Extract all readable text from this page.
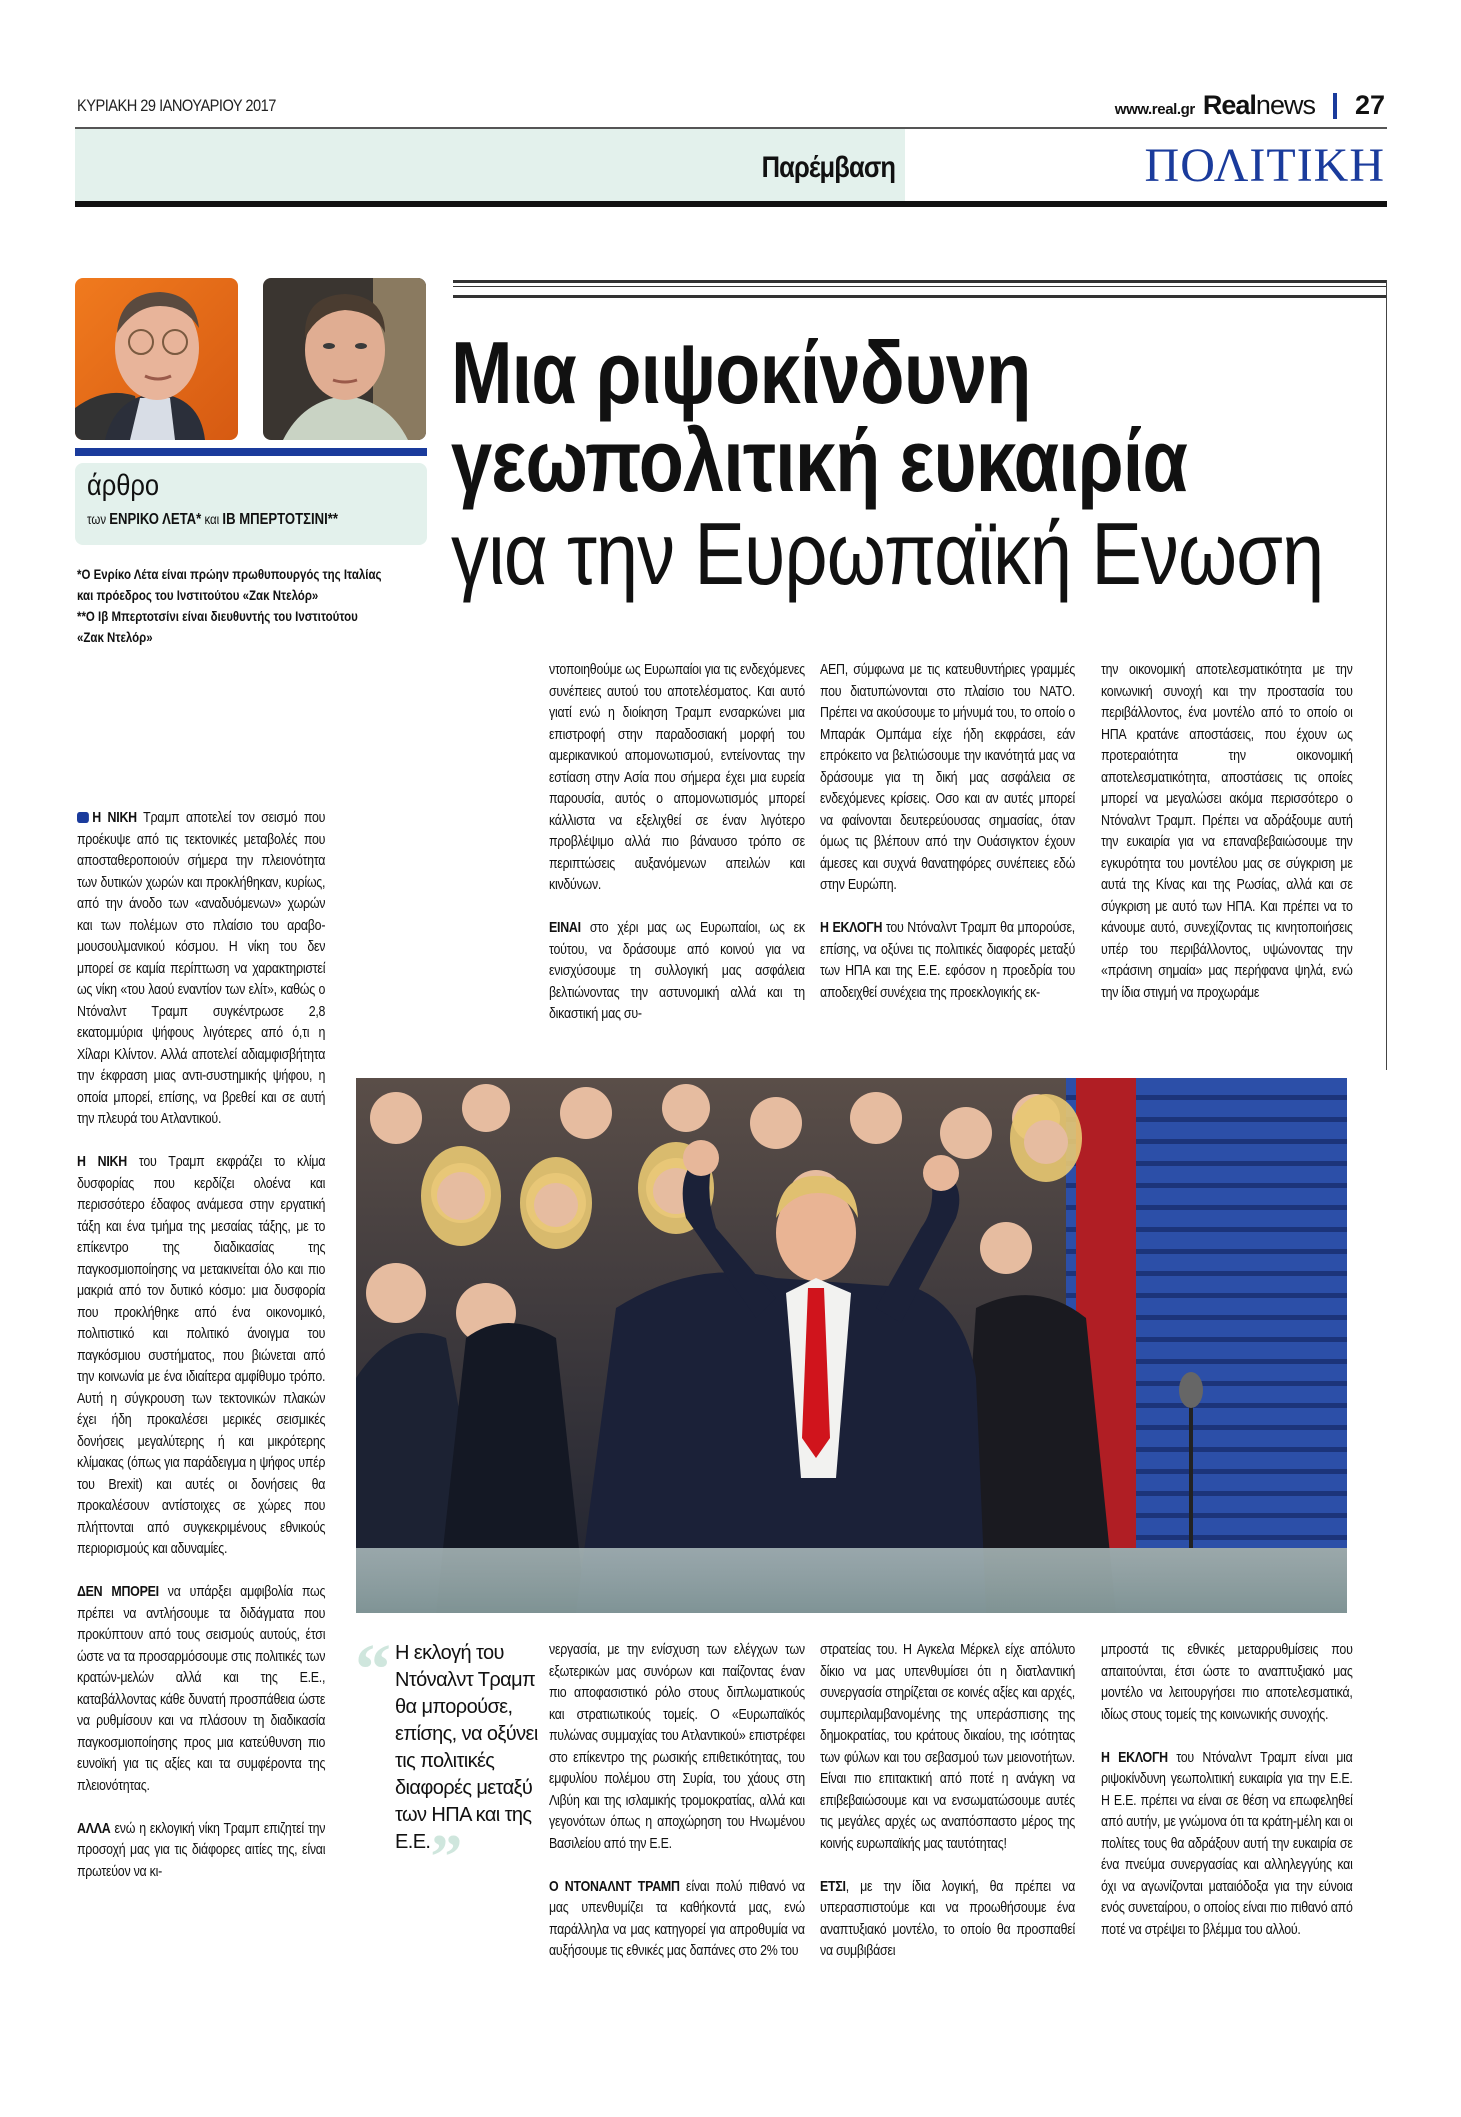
ΚΥΡΙΑΚΗ 29 ΙΑΝΟΥΑΡΙΟΥ 2017	www.real.gr Real news 27
Παρέμβαση	ΠΟΛΙΤΙΚΗ
άρθρο
των ΕΝΡΙΚΟ ΛΕΤΑ* και ΙΒ ΜΠΕΡΤΟΤΣΙΝΙ**
*Ο Ενρίκο Λέτα είναι πρώην πρωθυπουργός της Ιταλίας
και πρόεδρος του Ινστιτούτου «Ζακ Ντελόρ»
**Ο Ιβ Μπερτοτσίνι είναι διευθυντής του Ινστιτούτου
«Ζακ Ντελόρ»
Μια ριψοκίνδυνη
γεωπολιτική ευκαιρία
για την Ευρωπαϊκή Ενωση

Η ΝΙΚΗ Τραμπ αποτελεί τον σεισμό που προέκυψε από τις τεκτονικές μεταβολές που αποσταθεροποιούν σήμερα την πλειονότητα των δυτικών χωρών και προκλήθηκαν, κυρίως, από την άνοδο των «αναδυόμενων» χωρών και των πολέμων στο πλαίσιο του αραβο-μουσουλμανικού κόσμου. Η νίκη του δεν μπορεί σε καμία περίπτωση να χαρακτηριστεί ως νίκη «του λαού εναντίον των ελίτ», καθώς ο Ντόναλντ Τραμπ συγκέντρωσε 2,8 εκατομμύρια ψήφους λιγότερες από ό,τι η Χίλαρι Κλίντον. Αλλά αποτελεί αδιαμφισβήτητα την έκφραση μιας αντι-συστημικής ψήφου, η οποία μπορεί, επίσης, να βρεθεί και σε αυτή την πλευρά του Ατλαντικού.

Η ΝΙΚΗ του Τραμπ εκφράζει το κλίμα δυσφορίας που κερδίζει ολοένα και περισσότερο έδαφος ανάμεσα στην εργατική τάξη και ένα τμήμα της μεσαίας τάξης, με το επίκεντρο της διαδικασίας της παγκοσμιοποίησης να μετακινείται όλο και πιο μακριά από τον δυτικό κόσμο: μια δυσφορία που προκλήθηκε από ένα οικονομικό, πολιτιστικό και πολιτικό άνοιγμα του παγκόσμιου συστήματος, που βιώνεται από την κοινωνία με ένα ιδιαίτερα αμφίθυμο τρόπο. Αυτή η σύγκρουση των τεκτονικών πλακών έχει ήδη προκαλέσει μερικές σεισμικές δονήσεις μεγαλύτερης ή και μικρότερης κλίμακας (όπως για παράδειγμα η ψήφος υπέρ του Brexit) και αυτές οι δονήσεις θα προκαλέσουν αντίστοιχες σε χώρες που πλήττονται από συγκεκριμένους εθνικούς περιορισμούς και αδυναμίες.

ΔΕΝ ΜΠΟΡΕΙ να υπάρξει αμφιβολία πως πρέπει να αντλήσουμε τα διδάγματα που προκύπτουν από τους σεισμούς αυτούς, έτσι ώστε να τα προσαρμόσουμε στις πολιτικές των κρατών-μελών αλλά και της Ε.Ε., καταβάλλοντας κάθε δυνατή προσπάθεια ώστε να ρυθμίσουν και να πλάσουν τη διαδικασία παγκοσμιοποίησης προς μια κατεύθυνση πιο ευνοϊκή για τις αξίες και τα συμφέροντα της πλειονότητας.

ΑΛΛΑ ενώ η εκλογική νίκη Τραμπ επιζητεί την προσοχή μας για τις διάφορες αιτίες της, είναι πρωτεύον να κι-

ντοποιηθούμε ως Ευρωπαίοι για τις ενδεχόμενες συνέπειες αυτού του αποτελέσματος. Και αυτό γιατί ενώ η διοίκηση Τραμπ ενσαρκώνει μια επιστροφή στην παραδοσιακή μορφή του αμερικανικού απομονωτισμού, εντείνοντας την εστίαση στην Ασία που σήμερα έχει μια ευρεία παρουσία, αυτός ο απομονωτισμός μπορεί κάλλιστα να εξελιχθεί σε έναν λιγότερο προβλέψιμο αλλά πιο βάναυσο τρόπο σε περιπτώσεις αυξανόμενων απειλών και κινδύνων.

ΕΙΝΑΙ στο χέρι μας ως Ευρωπαίοι, ως εκ τούτου, να δράσουμε από κοινού για να ενισχύσουμε τη συλλογική μας ασφάλεια βελτιώνοντας την αστυνομική αλλά και τη δικαστική μας συ-

ΑΕΠ, σύμφωνα με τις κατευθυντήριες γραμμές που διατυπώνονται στο πλαίσιο του ΝΑΤΟ. Πρέπει να ακούσουμε το μήνυμά του, το οποίο ο Μπαράκ Ομπάμα είχε ήδη εκφράσει, εάν επρόκειτο να βελτιώσουμε την ικανότητά μας να δράσουμε για τη δική μας ασφάλεια σε ενδεχόμενες κρίσεις. Οσο και αν αυτές μπορεί να φαίνονται δευτερεύουσας σημασίας, όταν όμως τις βλέπουν από την Ουάσιγκτον έχουν άμεσες και συχνά θανατηφόρες συνέπειες εδώ στην Ευρώπη.

Η ΕΚΛΟΓΗ του Ντόναλντ Τραμπ θα μπορούσε, επίσης, να οξύνει τις πολιτικές διαφορές μεταξύ των ΗΠΑ και της Ε.Ε. εφόσον η προεδρία του αποδειχθεί συνέχεια της προεκλογικής εκ-

την οικονομική αποτελεσματικότητα με την κοινωνική συνοχή και την προστασία του περιβάλλοντος, ένα μοντέλο από το οποίο οι ΗΠΑ κρατάνε αποστάσεις, που έχουν ως προτεραιότητα την οικονομική αποτελεσματικότητα, αποστάσεις τις οποίες μπορεί να μεγαλώσει ακόμα περισσότερο ο Ντόναλντ Τραμπ. Πρέπει να αδράξουμε αυτή την ευκαιρία για να επαναβεβαιώσουμε την εγκυρότητα του μοντέλου μας σε σύγκριση με αυτά της Κίνας και της Ρωσίας, αλλά και σε σύγκριση με αυτό των ΗΠΑ. Και πρέπει να το κάνουμε αυτό, συνεχίζοντας τις κινητοποιήσεις υπέρ του περιβάλλοντος, υψώνοντας την «πράσινη σημαία» μας περήφανα ψηλά, ενώ την ίδια στιγμή να προχωράμε

“ Η εκλογή του Ντόναλντ Τραμπ θα μπορούσε, επίσης, να οξύνει τις πολιτικές διαφορές μεταξύ των ΗΠΑ και της Ε.Ε.”

νεργασία, με την ενίσχυση των ελέγχων των εξωτερικών μας συνόρων και παίζοντας έναν πιο αποφασιστικό ρόλο στους διπλωματικούς και στρατιωτικούς τομείς. Ο «Ευρωπαϊκός πυλώνας συμμαχίας του Ατλαντικού» επιστρέφει στο επίκεντρο της ρωσικής επιθετικότητας, του εμφυλίου πολέμου στη Συρία, του χάους στη Λιβύη και της ισλαμικής τρομοκρατίας, αλλά και γεγονότων όπως η αποχώρηση του Ηνωμένου Βασιλείου από την Ε.Ε.

Ο ΝΤΟΝΑΛΝΤ ΤΡΑΜΠ είναι πολύ πιθανό να μας υπενθυμίζει τα καθήκοντά μας, ενώ παράλληλα να μας κατηγορεί για απροθυμία να αυξήσουμε τις εθνικές μας δαπάνες στο 2% του

στρατείας του. Η Αγκελα Μέρκελ είχε απόλυτο δίκιο να μας υπενθυμίσει ότι η διατλαντική συνεργασία στηρίζεται σε κοινές αξίες και αρχές, συμπεριλαμβανομένης της υπεράσπισης της δημοκρατίας, του κράτους δικαίου, της ισότητας των φύλων και του σεβασμού των μειονοτήτων. Είναι πιο επιτακτική από ποτέ η ανάγκη να επιβεβαιώσουμε και να ενσωματώσουμε αυτές τις μεγάλες αρχές ως αναπόσπαστο μέρος της κοινής ευρωπαϊκής μας ταυτότητας!

ΕΤΣΙ, με την ίδια λογική, θα πρέπει να υπερασπιστούμε και να προωθήσουμε ένα αναπτυξιακό μοντέλο, το οποίο θα προσπαθεί να συμβιβάσει

μπροστά τις εθνικές μεταρρυθμίσεις που απαιτούνται, έτσι ώστε το αναπτυξιακό μας μοντέλο να λειτουργήσει πιο αποτελεσματικά, ιδίως στους τομείς της κοινωνικής συνοχής.

Η ΕΚΛΟΓΗ του Ντόναλντ Τραμπ είναι μια ριψοκίνδυνη γεωπολιτική ευκαιρία για την Ε.Ε. Η Ε.Ε. πρέπει να είναι σε θέση να επωφεληθεί από αυτήν, με γνώμονα ότι τα κράτη-μέλη και οι πολίτες τους θα αδράξουν αυτή την ευκαιρία σε ένα πνεύμα συνεργασίας και αλληλεγγύης και όχι να αγωνίζονται ματαιόδοξα για την εύνοια ενός συνεταίρου, ο οποίος είναι πιο πιθανό από ποτέ να στρέψει το βλέμμα του αλλού.
